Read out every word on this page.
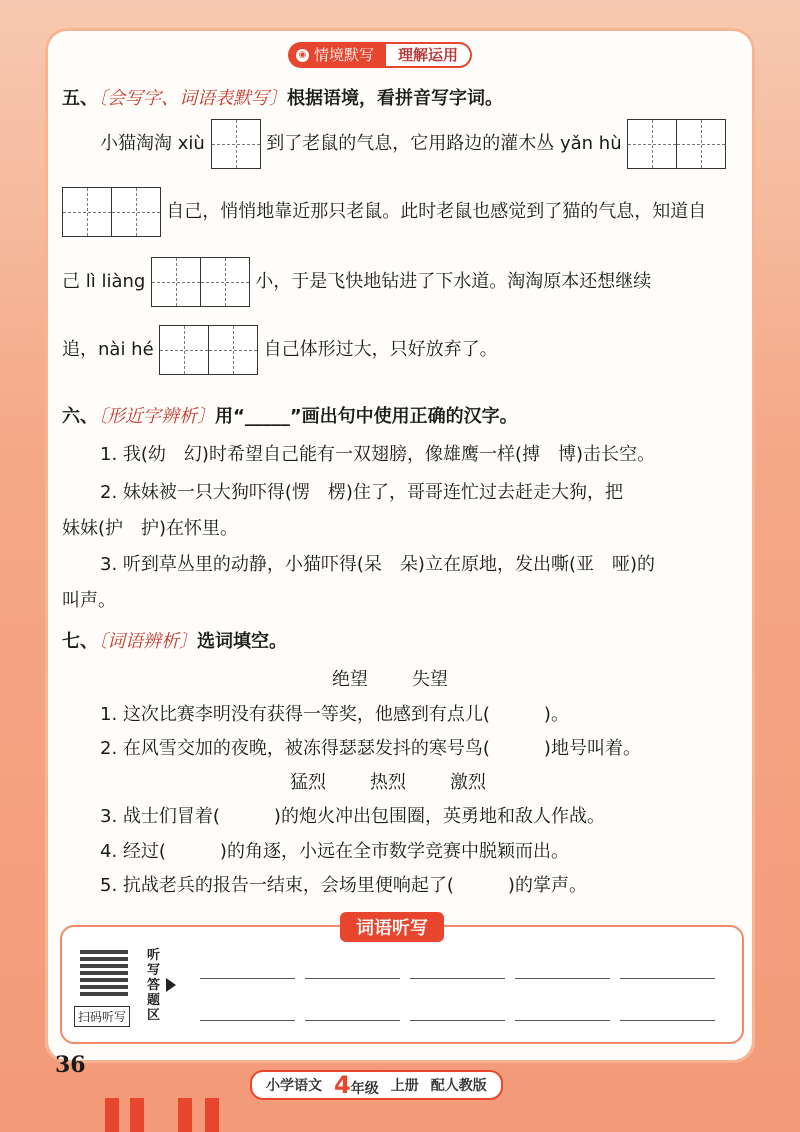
◉ 情境默写	理解运用
五、〔会写字、词语表默写〕根据语境，看拼音写字词。
小猫淘淘 xiù	到了老鼠的气息，它用路边的灌木丛 yǎn hù
自己，悄悄地靠近那只老鼠。此时老鼠也感觉到了猫的气息，知道自
己 lì liàng	小，于是飞快地钻进了下水道。淘淘原本还想继续
追，nài hé	自己体形过大，只好放弃了。
六、〔形近字辨析〕用“_____”画出句中使用正确的汉字。
1. 我(幼　幻)时希望自己能有一双翅膀，像雄鹰一样(搏　博)击长空。
2. 妹妹被一只大狗吓得(愣　楞)住了，哥哥连忙过去赶走大狗，把
妹妹(护　护)在怀里。
3. 听到草丛里的动静，小猫吓得(呆　朵)立在原地，发出嘶(亚　哑)的
叫声。
七、〔词语辨析〕选词填空。
绝望 失望
1. 这次比赛李明没有获得一等奖，他感到有点儿(　　　)。
2. 在风雪交加的夜晚，被冻得瑟瑟发抖的寒号鸟(　　　)地号叫着。
猛烈 热烈 激烈
3. 战士们冒着(　　　)的炮火冲出包围圈，英勇地和敌人作战。
4. 经过(　　　)的角逐，小远在全市数学竞赛中脱颖而出。
5. 抗战老兵的报告一结束，会场里便响起了(　　　)的掌声。
词语听写
扫码听写
听写答题区
36
小学语文 4年级 上册 配人教版
